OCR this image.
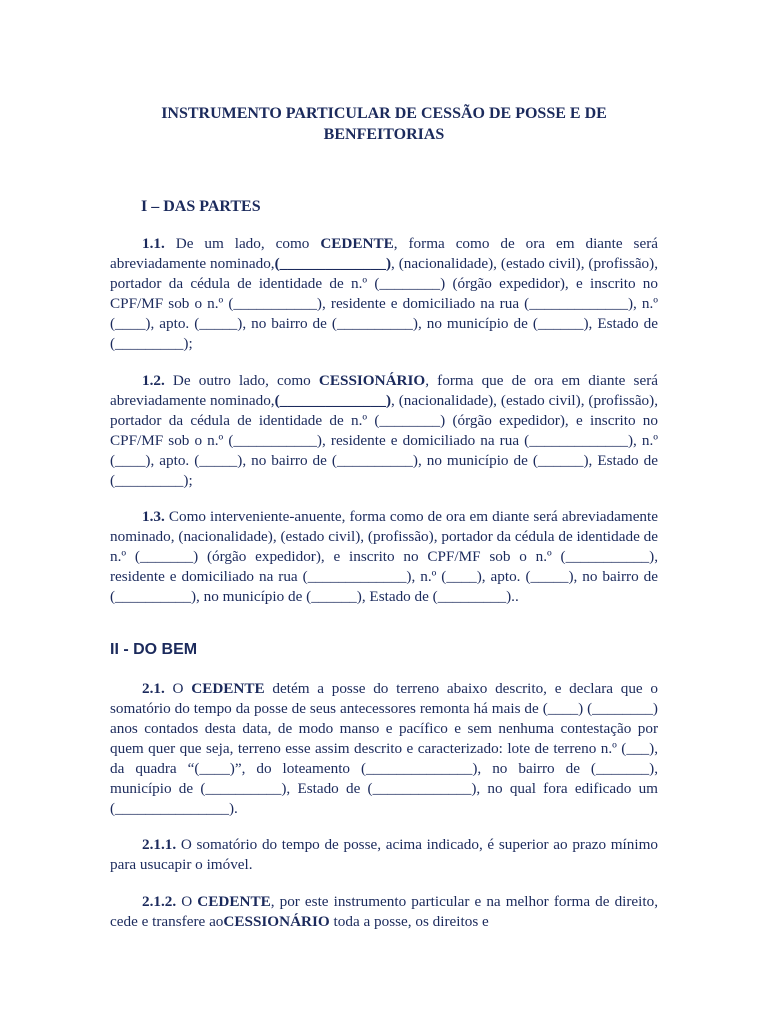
INSTRUMENTO PARTICULAR DE CESSÃO DE POSSE E DE BENFEITORIAS
I – DAS PARTES

1.1. De um lado, como CEDENTE, forma como de ora em diante será abreviadamente nominado,(______________), (nacionalidade), (estado civil), (profissão), portador da cédula de identidade de n.º (________) (órgão expedidor), e inscrito no CPF/MF sob o n.º (___________), residente e domiciliado na rua (_____________), n.º (____), apto. (_____), no bairro de (__________), no município de (______), Estado de (_________);

1.2. De outro lado, como CESSIONÁRIO, forma que de ora em diante será abreviadamente nominado,(______________), (nacionalidade), (estado civil), (profissão), portador da cédula de identidade de n.º (________) (órgão expedidor), e inscrito no CPF/MF sob o n.º (___________), residente e domiciliado na rua (_____________), n.º (____), apto. (_____), no bairro de (__________), no município de (______), Estado de (_________);

1.3. Como interveniente-anuente, forma como de ora em diante será abreviadamente nominado, (nacionalidade), (estado civil), (profissão), portador da cédula de identidade de n.º (_______) (órgão expedidor), e inscrito no CPF/MF sob o n.º (___________), residente e domiciliado na rua (_____________), n.º (____), apto. (_____), no bairro de (__________), no município de (______), Estado de (_________)..

II - DO BEM

2.1. O CEDENTE detém a posse do terreno abaixo descrito, e declara que o somatório do tempo da posse de seus antecessores remonta há mais de (____) (________) anos contados desta data, de modo manso e pacífico e sem nenhuma contestação por quem quer que seja, terreno esse assim descrito e caracterizado: lote de terreno n.º (___), da quadra “(____)”, do loteamento (______________), no bairro de (_______), município de (__________), Estado de (_____________), no qual fora edificado um (_______________).

2.1.1. O somatório do tempo de posse, acima indicado, é superior ao prazo mínimo para usucapir o imóvel.

2.1.2. O CEDENTE, por este instrumento particular e na melhor forma de direito, cede e transfere aoCESSIONÁRIO toda a posse, os direitos e
